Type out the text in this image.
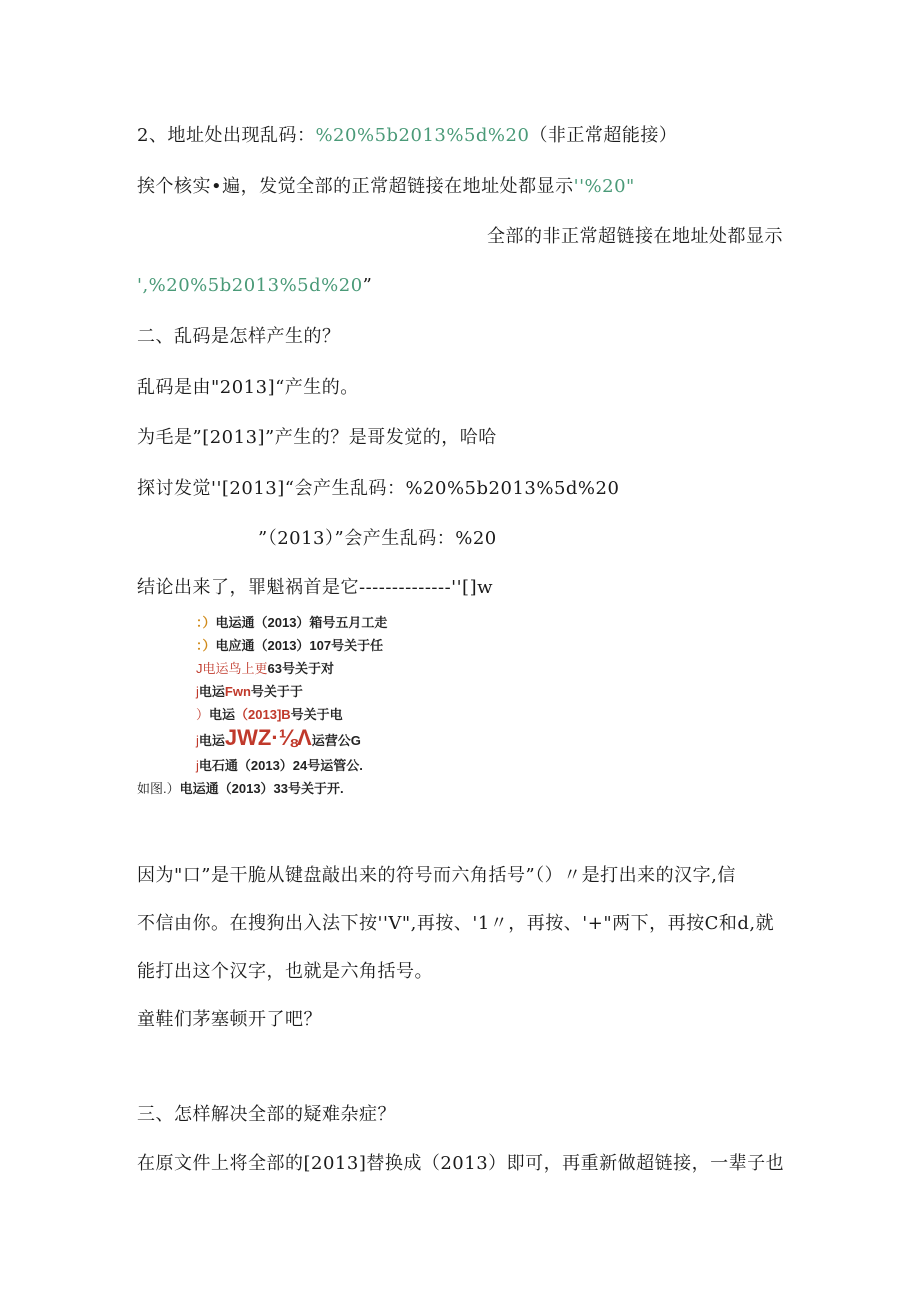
2、地址处出现乱码：%20%5b2013%5d%20（非正常超能接）
挨个核实•遍，发觉全部的正常超链接在地址处都显示''%20"
全部的非正常超链接在地址处都显示
',%20%5b2013%5d%20”
二、乱码是怎样产生的？
乱码是由"2013]“产生的。
为毛是”[2013]”产生的？是哥发觉的，哈哈
探讨发觉''[2013]“会产生乱码：%20%5b2013%5d%20
”（2013）”会产生乱码：%20
结论出来了，罪魁祸首是它--------------''[]w
：）电运通（2013）箱号五月工走
：）电应通（2013）107号关于任
J电运鸟上更63号关于对
j电运Fwn号关于于
）电运（2013]B号关于电
j电运JWZ·⅛Λ运营公G
j电石通（2013）24号运管公.
如图.）电运通（2013）33号关于开.
因为"口”是干脆从键盘敲出来的符号而六角括号”（）〃是打出来的汉字,信
不信由你。在搜狗出入法下按''V",再按、'1〃，再按、'+"两下，再按C和d,就
能打出这个汉字，也就是六角括号。
童鞋们茅塞顿开了吧？
三、怎样解决全部的疑难杂症？
在原文件上将全部的[2013]替换成（2013）即可，再重新做超链接，一辈子也
